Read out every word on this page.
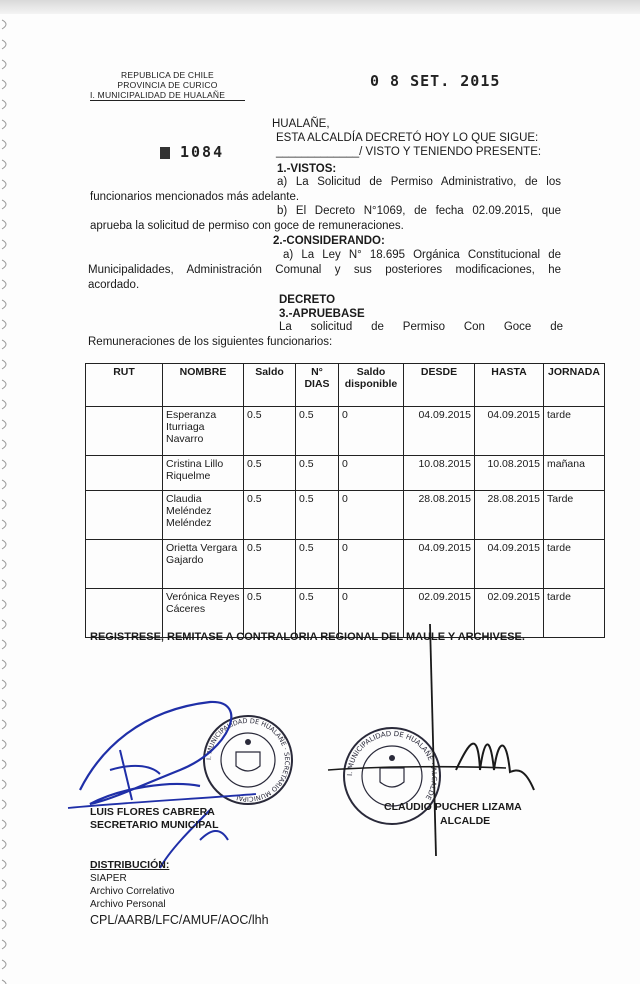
REPUBLICA DE CHILE
PROVINCIA DE CURICO
I. MUNICIPALIDAD DE HUALAÑE
0 8 SET. 2015
1084
HUALAÑE,
ESTA ALCALDÍA DECRETÓ HOY LO QUE SIGUE:
_____________/ VISTO Y TENIENDO PRESENTE:
1.-VISTOS:
a) La Solicitud de Permiso Administrativo, de los
funcionarios mencionados más adelante.
b) El Decreto N°1069, de fecha 02.09.2015, que
aprueba la solicitud de permiso con goce de remuneraciones.
2.-CONSIDERANDO:
a) La Ley N° 18.695 Orgánica Constitucional de
Municipalidades, Administración Comunal y sus posteriores modificaciones, he
acordado.
DECRETO
3.-APRUEBASE
La solicitud de Permiso Con Goce de
Remuneraciones de los siguientes funcionarios:
RUT	NOMBRE	Saldo	N° DIAS	Saldo disponible	DESDE	HASTA	JORNADA
	Esperanza Iturriaga Navarro	0.5	0.5	0	04.09.2015	04.09.2015	tarde
	Cristina Lillo Riquelme	0.5	0.5	0	10.08.2015	10.08.2015	mañana
	Claudia Meléndez Meléndez	0.5	0.5	0	28.08.2015	28.08.2015	Tarde
	Orietta Vergara Gajardo	0.5	0.5	0	04.09.2015	04.09.2015	tarde
	Verónica Reyes Cáceres	0.5	0.5	0	02.09.2015	02.09.2015	tarde
REGISTRESE, REMITASE A CONTRALORIA REGIONAL DEL MAULE Y ARCHIVESE.
I. MUNICIPALIDAD DE HUALAÑE · SECRETARIO MUNICIPAL
I. MUNICIPALIDAD DE HUALAÑE · ALCALDE
LUIS FLORES CABRERA
SECRETARIO MUNICIPAL
CLAUDIO PUCHER LIZAMA
ALCALDE
DISTRIBUCIÓN:
SIAPER
Archivo Correlativo
Archivo Personal
CPL/AARB/LFC/AMUF/AOC/lhh
